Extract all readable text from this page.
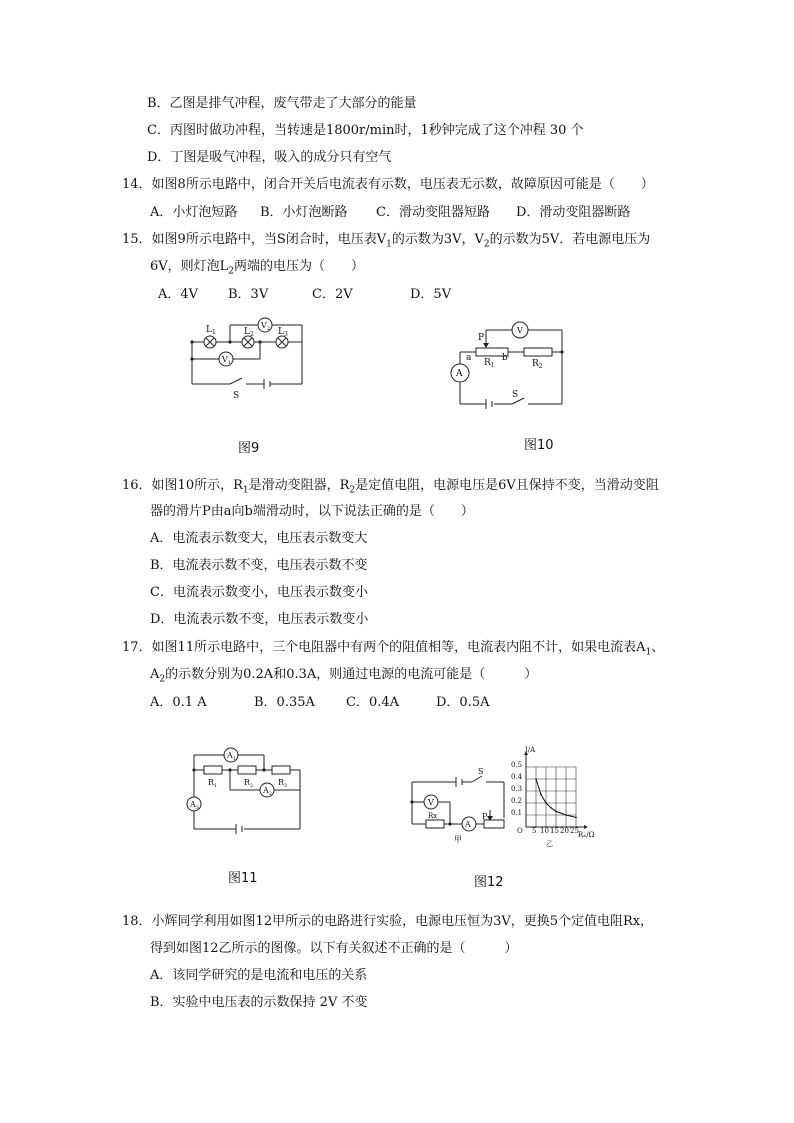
B．乙图是排气冲程，废气带走了大部分的能量
C．丙图时做功冲程，当转速是1800r/min时，1秒钟完成了这个冲程 30 个
D．丁图是吸气冲程，吸入的成分只有空气
14．如图8所示电路中，闭合开关后电流表有示数，电压表无示数，故障原因可能是（　　）
A．小灯泡短路 B．小灯泡断路 C．滑动变阻器短路 D．滑动变阻器断路
15．如图9所示电路中，当S闭合时，电压表$V_1$的示数为3V，$V_2$的示数为5V．若电源电压为
6V，则灯泡$L_2$两端的电压为（　　）
A．4V B．3V	C．2V	D．5V
$L_1$	$L_2$	$L_3$
$V_2$
$V_1$
S
图9
P
a	b
$R_1$	$R_2$
V
A
S
图10
16．如图10所示，$R_1$是滑动变阻器，$R_2$是定值电阻，电源电压是6V且保持不变，当滑动变阻
器的滑片P由a向b端滑动时，以下说法正确的是（　　）
A．电流表示数变大，电压表示数变大
B．电流表示数不变，电压表示数不变
C．电流表示数变小，电压表示数变小
D．电流表示数不变，电压表示数变小
17．如图11所示电路中，三个电阻器中有两个的阻值相等，电流表内阻不计，如果电流表$A_1$、
$A_2$的示数分别为0.2A和0.3A，则通过电源的电流可能是（　　　）
A．0.1 A	B．0.35A C．0.4A	D．0.5A
$A_1$
$A_2$
$A_3$
$R_1$	$R_2$	$R_3$
图11
S
V
A
P
Rx
甲
I/A
Rₓ/Ω
O
乙
0.5
0.4
0.3
0.2
0.1
5 10 15 20 25
图12
18．小辉同学利用如图12甲所示的电路进行实验，电源电压恒为3V，更换5个定值电阻Rx，
得到如图12乙所示的图像。以下有关叙述不正确的是（　　　）
A．该同学研究的是电流和电压的关系
B．实验中电压表的示数保持 2V 不变
